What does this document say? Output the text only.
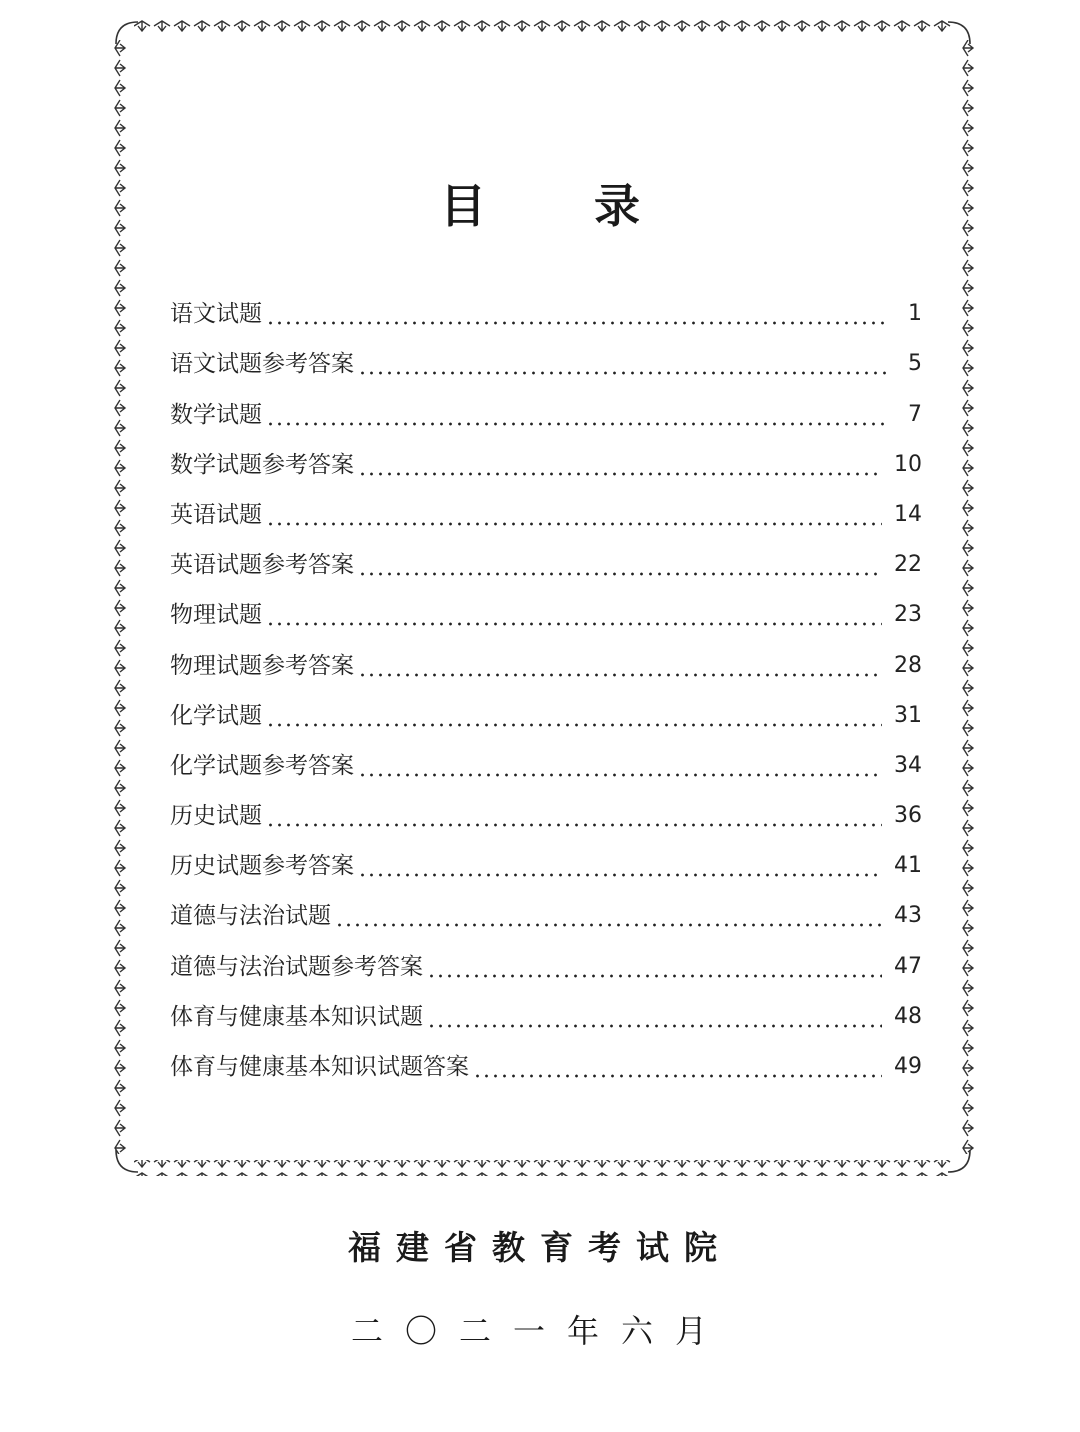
目 录
语文试题	1
语文试题参考答案	5
数学试题	7
数学试题参考答案	10
英语试题	14
英语试题参考答案	22
物理试题	23
物理试题参考答案	28
化学试题	31
化学试题参考答案	34
历史试题	36
历史试题参考答案	41
道德与法治试题	43
道德与法治试题参考答案	47
体育与健康基本知识试题	48
体育与健康基本知识试题答案	49
福建省教育考试院
二〇二一年六月
